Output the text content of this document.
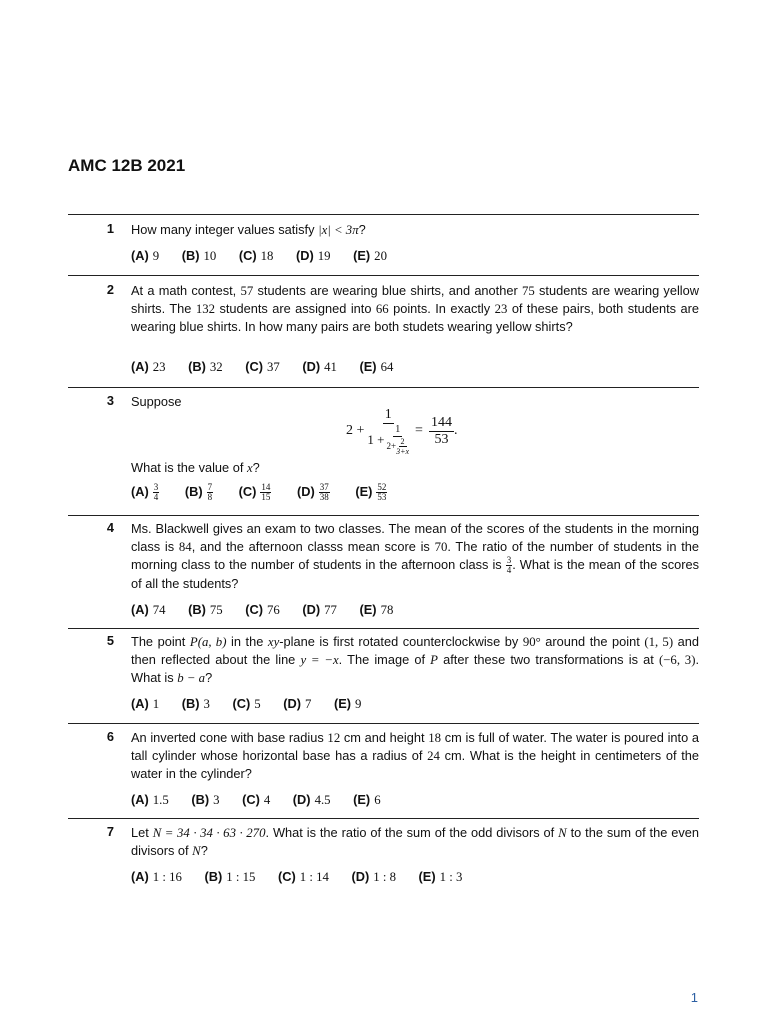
AMC 12B 2021
1 How many integer values satisfy |x| < 3π?

(A) 9 (B) 10 (C) 18 (D) 19 (E) 20

2 At a math contest, 57 students are wearing blue shirts, and another 75 students are wearing yellow shirts. The 132 students are assigned into 66 points. In exactly 23 of these pairs, both students are wearing blue shirts. In how many pairs are both studets wearing yellow shirts?

(A) 23 (B) 32 (C) 37 (D) 41 (E) 64

3 Suppose

2 +
1
$1 + \frac{1}{2+ \frac{2}{3+x}} = \frac{144}{53}$ .

What is the value of x?

$(A) \frac{3}{4} (B) \frac{7}{8} (C) \frac{14}{15} (D) \frac{37}{38} (E) \frac{52}{53}$

4 Ms. Blackwell gives an exam to two classes. The mean of the scores of the students in the morning class is 84, and the afternoon classs mean score is 70. The ratio of the number of students in the morning class to the number of students in the afternoon class is $\frac{3}{4}$ . What is the mean of the scores of all the students?

(A) 74 (B) 75 (C) 76 (D) 77 (E) 78

5 The point P(a, b) in the xy-plane is first rotated counterclockwise by 90° around the point (1, 5) and then reflected about the line y = −x. The image of P after these two transformations is at (−6, 3). What is b − a?

(A) 1 (B) 3 (C) 5 (D) 7 (E) 9

6 An inverted cone with base radius 12 cm and height 18 cm is full of water. The water is poured into a tall cylinder whose horizontal base has a radius of 24 cm. What is the height in centimeters of the water in the cylinder?

(A) 1.5 (B) 3 (C) 4 (D) 4.5 (E) 6

7 Let N = 34 · 34 · 63 · 270. What is the ratio of the sum of the odd divisors of N to the sum of the even divisors of N?

(A) 1 : 16 (B) 1 : 15 (C) 1 : 14 (D) 1 : 8 (E) 1 : 3

1
